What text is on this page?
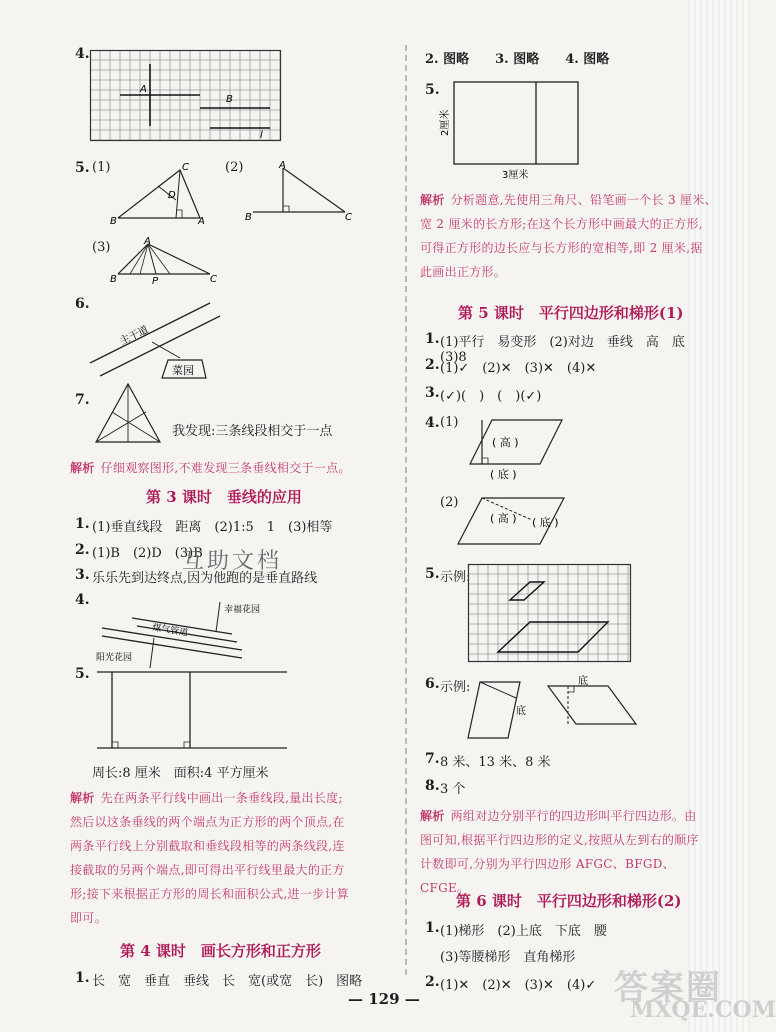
4.
A
B
l
5. (1)	C
D
B	A
(2)	A
B	C
(3)	A
B	P	C
6.
主干道
菜园
7.
我发现:三条线段相交于一点
解析 仔细观察图形,不难发现三条垂线相交于一点。
第 3 课时　垂线的应用
1. (1)垂直线段　距离　(2)1:5　1　(3)相等
2. (1)B　(2)D　(3)B
3. 乐乐先到达终点,因为他跑的是垂直路线
4.
幸福花园
煤气管道
阳光花园
5.
周长:8 厘米　面积:4 平方厘米
解析 先在两条平行线中画出一条垂线段,量出长度;
然后以这条垂线的两个端点为正方形的两个顶点,在
两条平行线上分别截取和垂线段相等的两条线段,连
接截取的另两个端点,即可得出平行线里最大的正方
形;接下来根据正方形的周长和面积公式,进一步计算
即可。
第 4 课时　画长方形和正方形
1. 长　宽　垂直　垂线　长　宽(或宽　长)　图略
2. 图略　　3. 图略　　4. 图略
5.
2厘米
3厘米
解析 分析题意,先使用三角尺、铅笔画一个长 3 厘米、
宽 2 厘米的长方形;在这个长方形中画最大的正方形,
可得正方形的边长应与长方形的宽相等,即 2 厘米,据
此画出正方形。
第 5 课时　平行四边形和梯形(1)
1. (1)平行　易变形　(2)对边　垂线　高　底　(3)8
2. (1)✓　(2)✕　(3)✕　(4)✕
3. (✓)(　)　(　)(✓)
4. (1)
( 高 )
( 底 )
(2)
( 高 ) ( 底 )
5. 示例:
6. 示例:
底
底
7. 8 米、13 米、8 米
8. 3 个
解析 两组对边分别平行的四边形叫平行四边形。由
图可知,根据平行四边形的定义,按照从左到右的顺序
计数即可,分别为平行四边形 AFGC、BFGD、CFGE。
第 6 课时　平行四边形和梯形(2)
1. (1)梯形　(2)上底　下底　腰
(3)等腰梯形　直角梯形
2. (1)✕　(2)✕　(3)✕　(4)✓
互助文档
— 129 —	答案圈
MXQE.COM
